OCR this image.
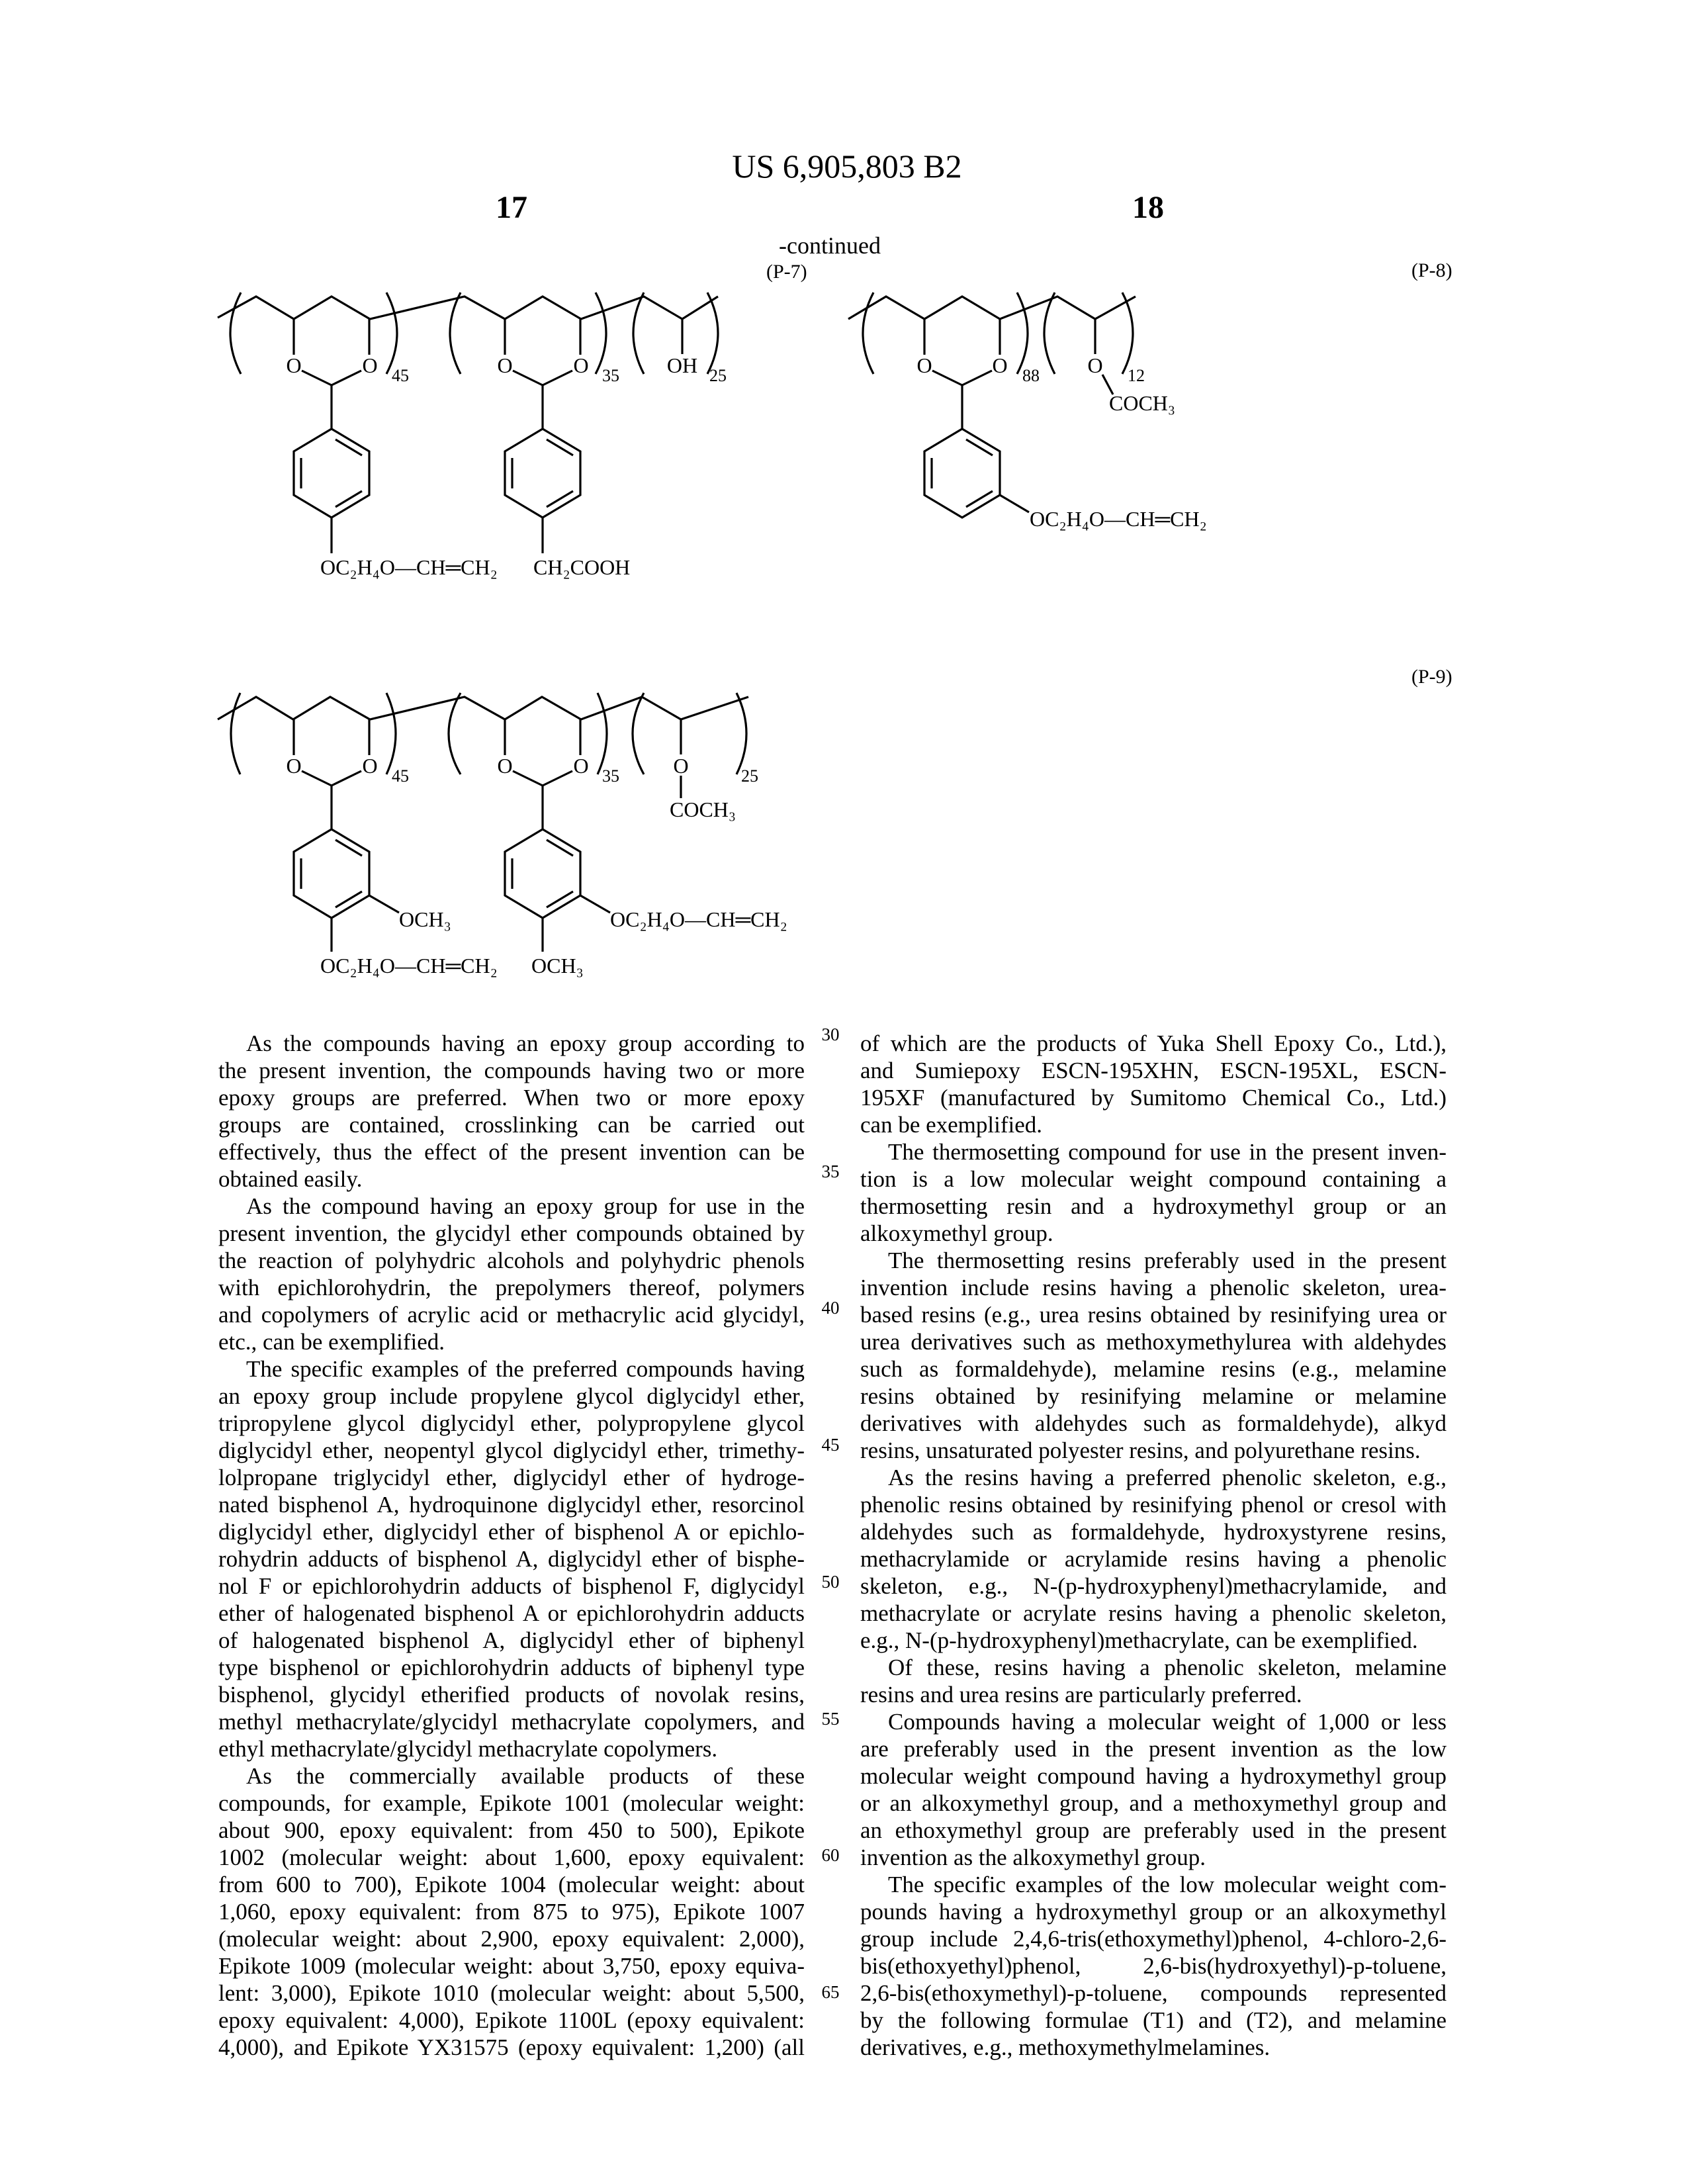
US 6,905,803 B2
17	18
-continued
(P-7)
O	O	O	O	OH
45	35	25
OC₂H₄O—CH═CH₂ CH₂COOH
(P-8)
O	O	O
88	12
COCH₃
OC₂H₄O—CH═CH₂
(P-9)
O	O	O	O	O
45	35	25
COCH₃
OCH₃
OC₂H₄O—CH═CH₂
OC₂H₄O—CH═CH₂
OCH₃
30
35
40
45
50
55
60
65
As the compounds having an epoxy group according to
the present invention, the compounds having two or more
epoxy groups are preferred. When two or more epoxy
groups are contained, crosslinking can be carried out
effectively, thus the effect of the present invention can be
obtained easily.
As the compound having an epoxy group for use in the
present invention, the glycidyl ether compounds obtained by
the reaction of polyhydric alcohols and polyhydric phenols
with epichlorohydrin, the prepolymers thereof, polymers
and copolymers of acrylic acid or methacrylic acid glycidyl,
etc., can be exemplified.
The specific examples of the preferred compounds having
an epoxy group include propylene glycol diglycidyl ether,
tripropylene glycol diglycidyl ether, polypropylene glycol
diglycidyl ether, neopentyl glycol diglycidyl ether, trimethy-
lolpropane triglycidyl ether, diglycidyl ether of hydroge-
nated bisphenol A, hydroquinone diglycidyl ether, resorcinol
diglycidyl ether, diglycidyl ether of bisphenol A or epichlo-
rohydrin adducts of bisphenol A, diglycidyl ether of bisphe-
nol F or epichlorohydrin adducts of bisphenol F, diglycidyl
ether of halogenated bisphenol A or epichlorohydrin adducts
of halogenated bisphenol A, diglycidyl ether of biphenyl
type bisphenol or epichlorohydrin adducts of biphenyl type
bisphenol, glycidyl etherified products of novolak resins,
methyl methacrylate/glycidyl methacrylate copolymers, and
ethyl methacrylate/glycidyl methacrylate copolymers.
As the commercially available products of these
compounds, for example, Epikote 1001 (molecular weight:
about 900, epoxy equivalent: from 450 to 500), Epikote
1002 (molecular weight: about 1,600, epoxy equivalent:
from 600 to 700), Epikote 1004 (molecular weight: about
1,060, epoxy equivalent: from 875 to 975), Epikote 1007
(molecular weight: about 2,900, epoxy equivalent: 2,000),
Epikote 1009 (molecular weight: about 3,750, epoxy equiva-
lent: 3,000), Epikote 1010 (molecular weight: about 5,500,
epoxy equivalent: 4,000), Epikote 1100L (epoxy equivalent:
4,000), and Epikote YX31575 (epoxy equivalent: 1,200) (all
of which are the products of Yuka Shell Epoxy Co., Ltd.),
and Sumiepoxy ESCN-195XHN, ESCN-195XL, ESCN-
195XF (manufactured by Sumitomo Chemical Co., Ltd.)
can be exemplified.
The thermosetting compound for use in the present inven-
tion is a low molecular weight compound containing a
thermosetting resin and a hydroxymethyl group or an
alkoxymethyl group.
The thermosetting resins preferably used in the present
invention include resins having a phenolic skeleton, urea-
based resins (e.g., urea resins obtained by resinifying urea or
urea derivatives such as methoxymethylurea with aldehydes
such as formaldehyde), melamine resins (e.g., melamine
resins obtained by resinifying melamine or melamine
derivatives with aldehydes such as formaldehyde), alkyd
resins, unsaturated polyester resins, and polyurethane resins.
As the resins having a preferred phenolic skeleton, e.g.,
phenolic resins obtained by resinifying phenol or cresol with
aldehydes such as formaldehyde, hydroxystyrene resins,
methacrylamide or acrylamide resins having a phenolic
skeleton, e.g., N-(p-hydroxyphenyl)methacrylamide, and
methacrylate or acrylate resins having a phenolic skeleton,
e.g., N-(p-hydroxyphenyl)methacrylate, can be exemplified.
Of these, resins having a phenolic skeleton, melamine
resins and urea resins are particularly preferred.
Compounds having a molecular weight of 1,000 or less
are preferably used in the present invention as the low
molecular weight compound having a hydroxymethyl group
or an alkoxymethyl group, and a methoxymethyl group and
an ethoxymethyl group are preferably used in the present
invention as the alkoxymethyl group.
The specific examples of the low molecular weight com-
pounds having a hydroxymethyl group or an alkoxymethyl
group include 2,4,6-tris(ethoxymethyl)phenol, 4-chloro-2,6-
bis(ethoxyethyl)phenol, 2,6-bis(hydroxyethyl)-p-toluene,
2,6-bis(ethoxymethyl)-p-toluene, compounds represented
by the following formulae (T1) and (T2), and melamine
derivatives, e.g., methoxymethylmelamines.
